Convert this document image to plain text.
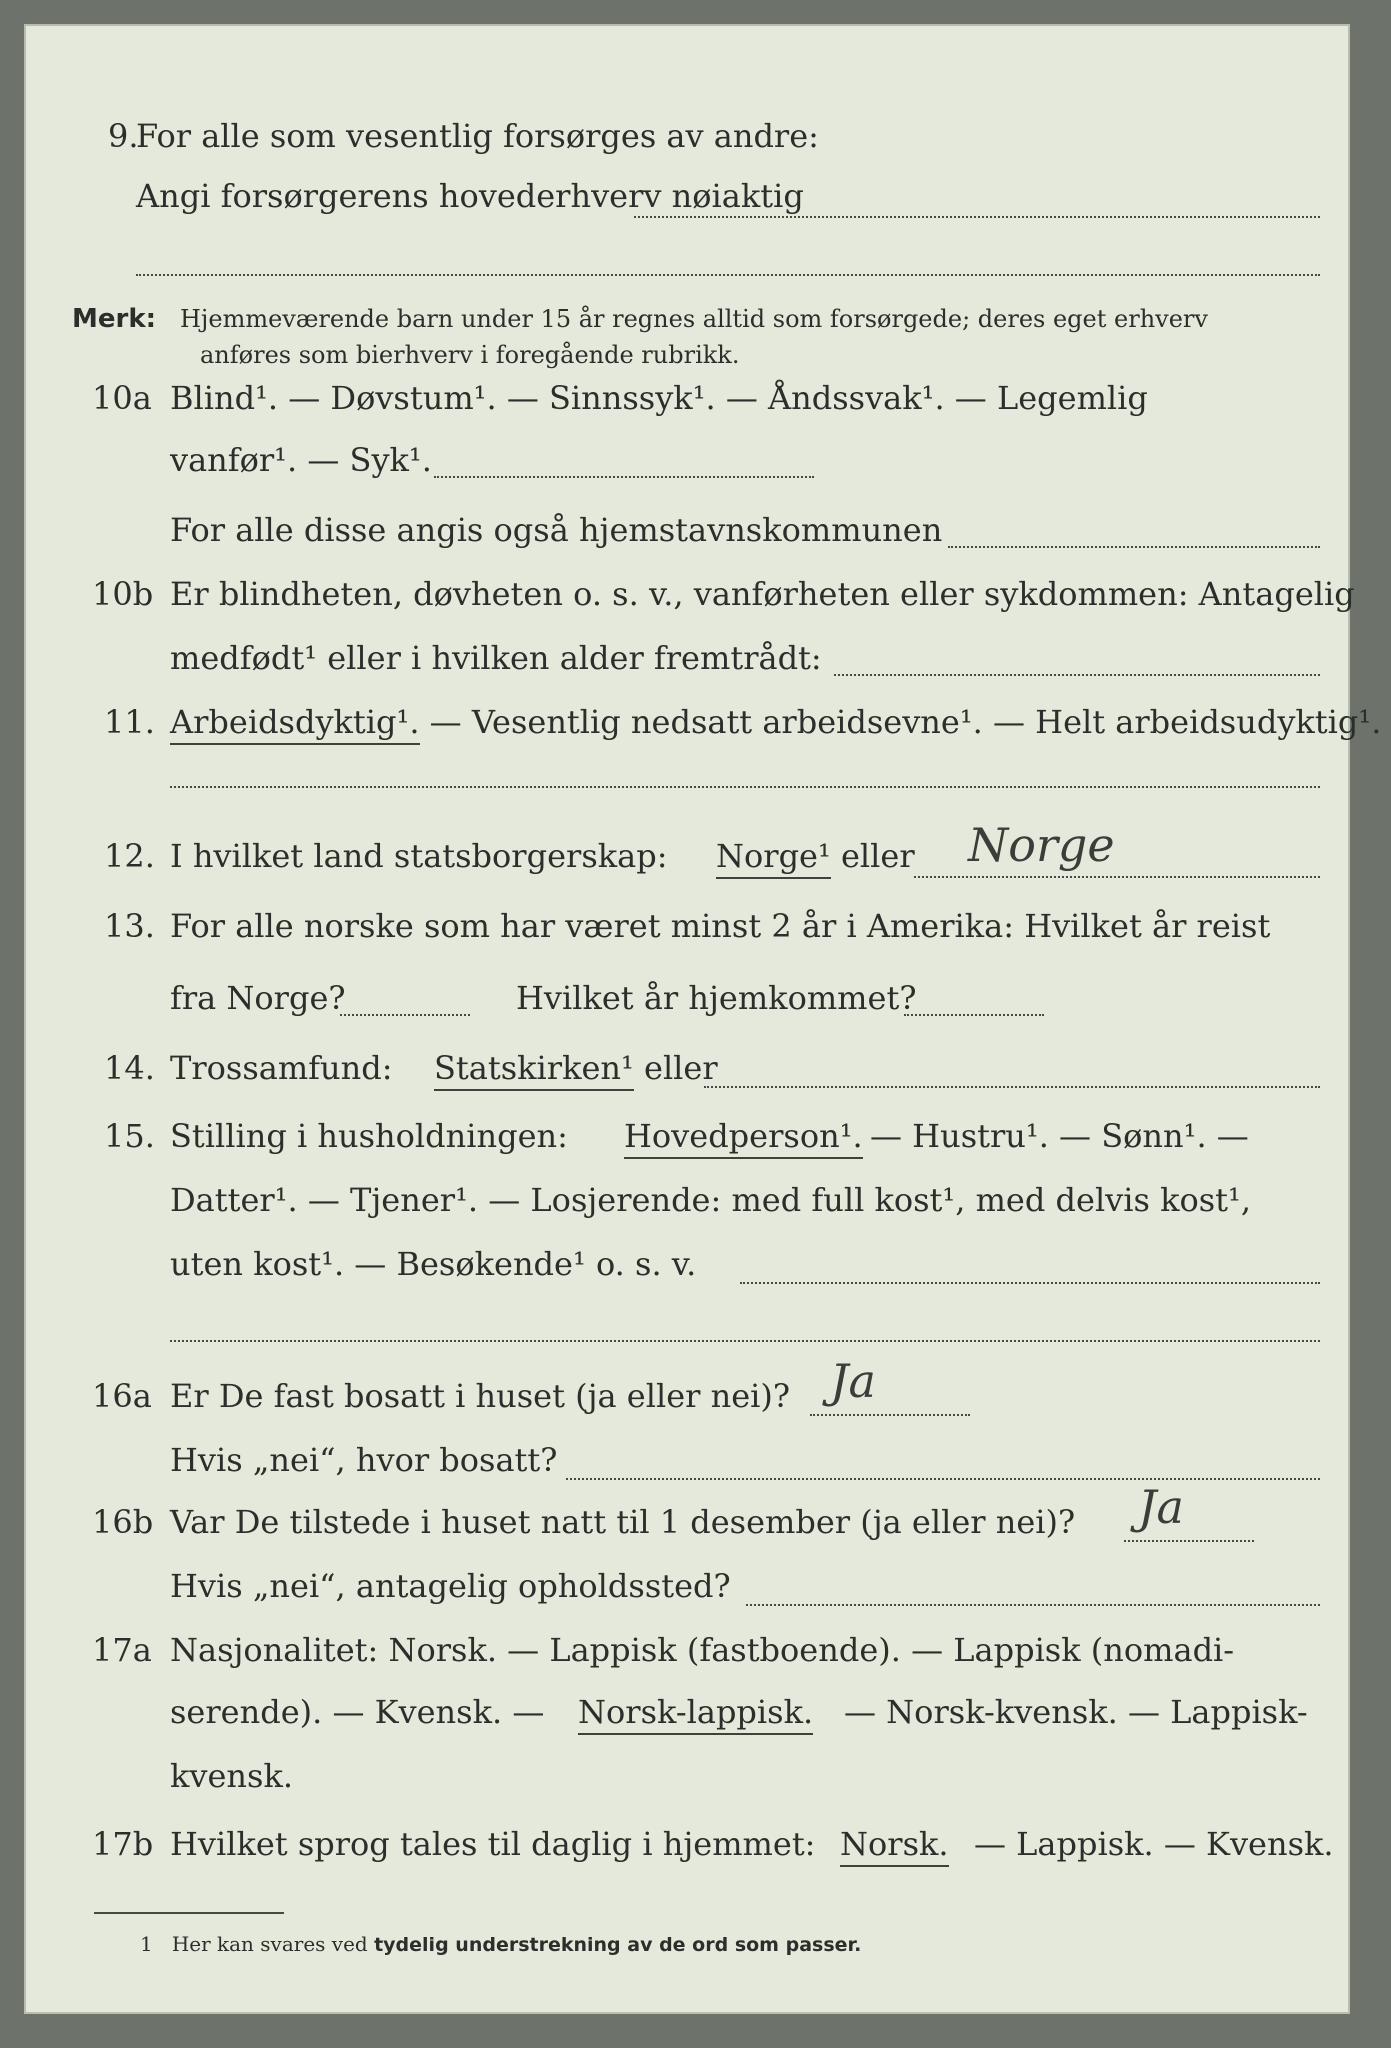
9.
For alle som vesentlig forsørges av andre:
Angi forsørgerens hovederhverv nøiaktig
Merk: Hjemmeværende barn under 15 år regnes alltid som forsørgede; deres eget erhverv
anføres som bierhverv i foregående rubrikk.
10a Blind¹. — Døvstum¹. — Sinnssyk¹. — Åndssvak¹. — Legemlig
vanfør¹. — Syk¹.
For alle disse angis også hjemstavnskommunen
10b Er blindheten, døvheten o. s. v., vanførheten eller sykdommen: Antagelig
medfødt¹ eller i hvilken alder fremtrådt:
11. Arbeidsdyktig¹. — Vesentlig nedsatt arbeidsevne¹. — Helt arbeidsudyktig¹.
12. I hvilket land statsborgerskap: Norge¹ eller Norge
13. For alle norske som har været minst 2 år i Amerika: Hvilket år reist
fra Norge?	Hvilket år hjemkommet?
14. Trossamfund: Statskirken¹ eller
15. Stilling i husholdningen: Hovedperson¹. — Hustru¹. — Sønn¹. —
Datter¹. — Tjener¹. — Losjerende: med full kost¹, med delvis kost¹,
uten kost¹. — Besøkende¹ o. s. v.
16a Er De fast bosatt i huset (ja eller nei)? Ja
Hvis „nei“, hvor bosatt?
16b Var De tilstede i huset natt til 1 desember (ja eller nei)? Ja
Hvis „nei“, antagelig opholdssted?
17a Nasjonalitet: Norsk. — Lappisk (fastboende). — Lappisk (nomadi-
serende). — Kvensk. — Norsk-lappisk. — Norsk-kvensk. — Lappisk-
kvensk.
17b Hvilket sprog tales til daglig i hjemmet: Norsk. — Lappisk. — Kvensk.
1 Her kan svares ved tydelig understrekning av de ord som passer.
